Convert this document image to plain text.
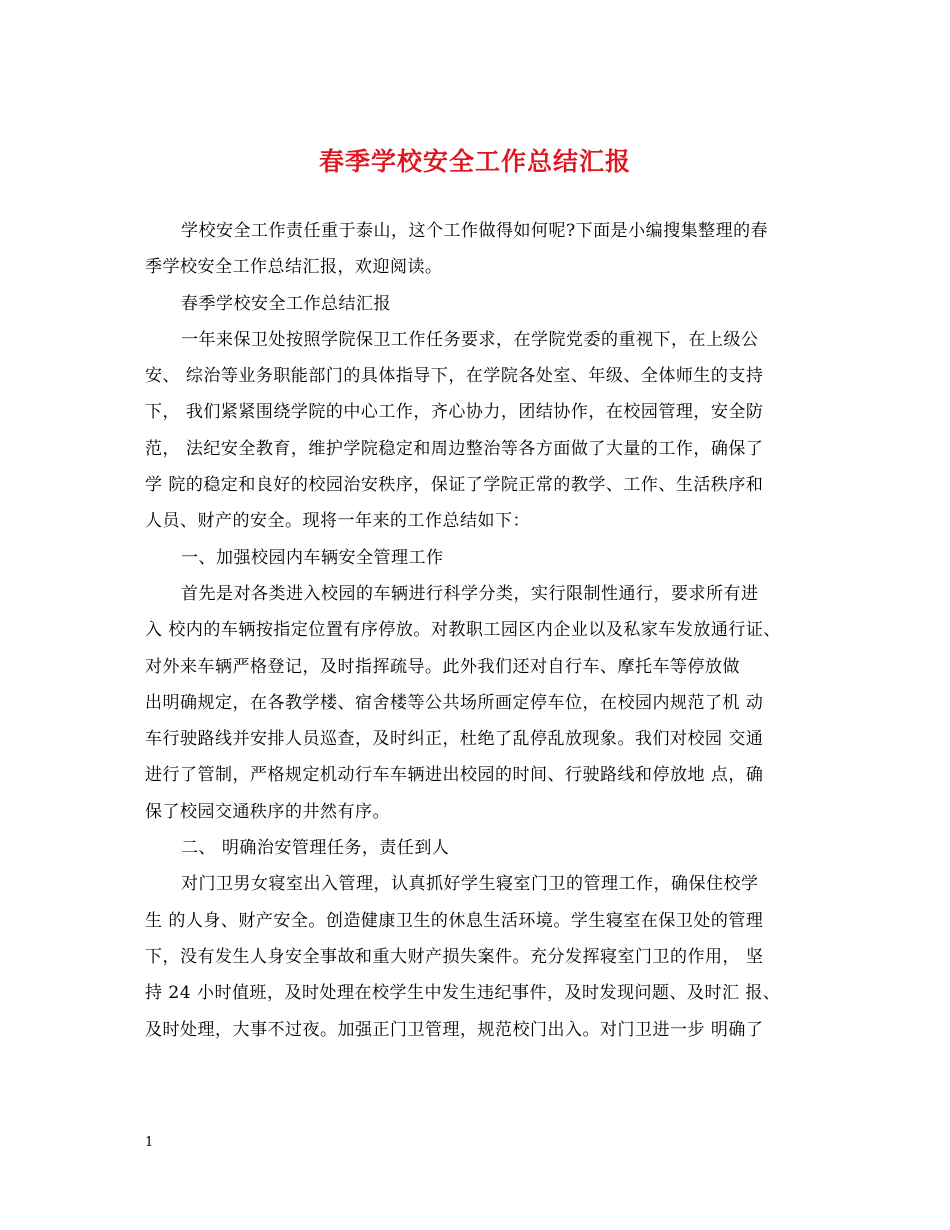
春季学校安全工作总结汇报
学校安全工作责任重于泰山，这个工作做得如何呢?下面是小编搜集整理的春
季学校安全工作总结汇报，欢迎阅读。
春季学校安全工作总结汇报
一年来保卫处按照学院保卫工作任务要求，在学院党委的重视下，在上级公
安、 综治等业务职能部门的具体指导下，在学院各处室、年级、全体师生的支持
下， 我们紧紧围绕学院的中心工作，齐心协力，团结协作，在校园管理，安全防
范， 法纪安全教育，维护学院稳定和周边整治等各方面做了大量的工作，确保了
学 院的稳定和良好的校园治安秩序，保证了学院正常的教学、工作、生活秩序和
人员、财产的安全。现将一年来的工作总结如下：
一、加强校园内车辆安全管理工作
首先是对各类进入校园的车辆进行科学分类，实行限制性通行，要求所有进
入 校内的车辆按指定位置有序停放。对教职工园区内企业以及私家车发放通行证、
对外来车辆严格登记，及时指挥疏导。此外我们还对自行车、摩托车等停放做
出明确规定，在各教学楼、宿舍楼等公共场所画定停车位，在校园内规范了机 动
车行驶路线并安排人员巡查，及时纠正，杜绝了乱停乱放现象。我们对校园 交通
进行了管制，严格规定机动行车车辆进出校园的时间、行驶路线和停放地 点，确
保了校园交通秩序的井然有序。
二、 明确治安管理任务，责任到人
对门卫男女寝室出入管理，认真抓好学生寝室门卫的管理工作，确保住校学
生 的人身、财产安全。创造健康卫生的休息生活环境。学生寝室在保卫处的管理
下，没有发生人身安全事故和重大财产损失案件。充分发挥寝室门卫的作用， 坚
持 24 小时值班，及时处理在校学生中发生违纪事件，及时发现问题、及时汇 报、
及时处理，大事不过夜。加强正门卫管理，规范校门出入。对门卫进一步 明确了
1
